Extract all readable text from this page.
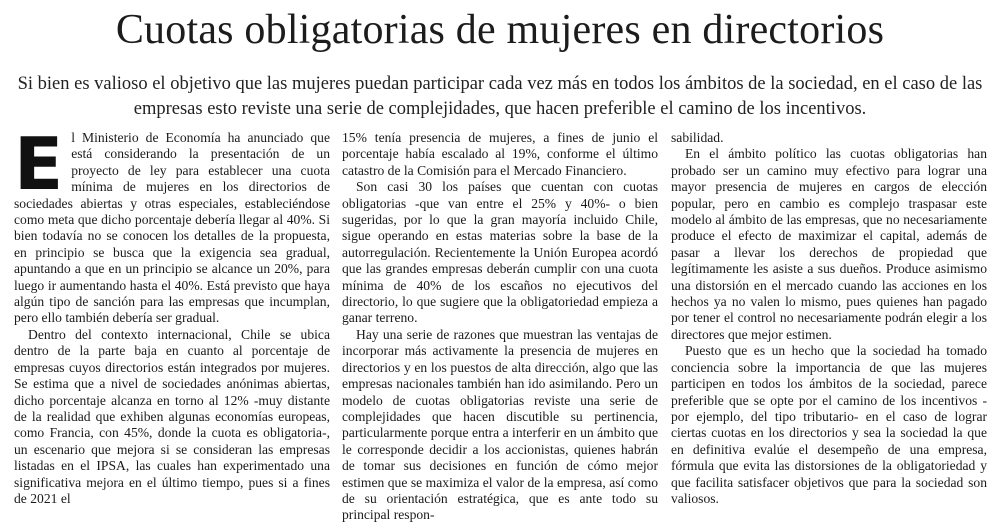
Cuotas obligatorias de mujeres en directorios

Si bien es valioso el objetivo que las mujeres puedan participar cada vez más en todos los ámbitos de la sociedad, en el caso de las empresas esto reviste una serie de complejidades, que hacen preferible el camino de los incentivos.

El Ministerio de Economía ha anunciado que está considerando la presentación de un proyecto de ley para establecer una cuota mínima de mujeres en los directorios de sociedades abiertas y otras especiales, estableciéndose como meta que dicho porcentaje debería llegar al 40%. Si bien todavía no se conocen los detalles de la propuesta, en principio se busca que la exigencia sea gradual, apuntando a que en un principio se alcance un 20%, para luego ir aumentando hasta el 40%. Está previsto que haya algún tipo de sanción para las empresas que incumplan, pero ello también debería ser gradual.

Dentro del contexto internacional, Chile se ubica dentro de la parte baja en cuanto al porcentaje de empresas cuyos directorios están integrados por mujeres. Se estima que a nivel de sociedades anónimas abiertas, dicho porcentaje alcanza en torno al 12% -muy distante de la realidad que exhiben algunas economías europeas, como Francia, con 45%, donde la cuota es obligatoria-, un escenario que mejora si se consideran las empresas listadas en el IPSA, las cuales han experimentado una significativa mejora en el último tiempo, pues si a fines de 2021 el

15% tenía presencia de mujeres, a fines de junio el porcentaje había escalado al 19%, conforme el último catastro de la Comisión para el Mercado Financiero.

Son casi 30 los países que cuentan con cuotas obligatorias -que van entre el 25% y 40%- o bien sugeridas, por lo que la gran mayoría incluido Chile, sigue operando en estas materias sobre la base de la autorregulación. Recientemente la Unión Europea acordó que las grandes empresas deberán cumplir con una cuota mínima de 40% de los escaños no ejecutivos del directorio, lo que sugiere que la obligatoriedad empieza a ganar terreno.

Hay una serie de razones que muestran las ventajas de incorporar más activamente la presencia de mujeres en directorios y en los puestos de alta dirección, algo que las empresas nacionales también han ido asimilando. Pero un modelo de cuotas obligatorias reviste una serie de complejidades que hacen discutible su pertinencia, particularmente porque entra a interferir en un ámbito que le corresponde decidir a los accionistas, quienes habrán de tomar sus decisiones en función de cómo mejor estimen que se maximiza el valor de la empresa, así como de su orientación estratégica, que es ante todo su principal respon-

sabilidad.

En el ámbito político las cuotas obligatorias han probado ser un camino muy efectivo para lograr una mayor presencia de mujeres en cargos de elección popular, pero en cambio es complejo traspasar este modelo al ámbito de las empresas, que no necesariamente produce el efecto de maximizar el capital, además de pasar a llevar los derechos de propiedad que legítimamente les asiste a sus dueños. Produce asimismo una distorsión en el mercado cuando las acciones en los hechos ya no valen lo mismo, pues quienes han pagado por tener el control no necesariamente podrán elegir a los directores que mejor estimen.

Puesto que es un hecho que la sociedad ha tomado conciencia sobre la importancia de que las mujeres participen en todos los ámbitos de la sociedad, parece preferible que se opte por el camino de los incentivos -por ejemplo, del tipo tributario- en el caso de lograr ciertas cuotas en los directorios y sea la sociedad la que en definitiva evalúe el desempeño de una empresa, fórmula que evita las distorsiones de la obligatoriedad y que facilita satisfacer objetivos que para la sociedad son valiosos.
